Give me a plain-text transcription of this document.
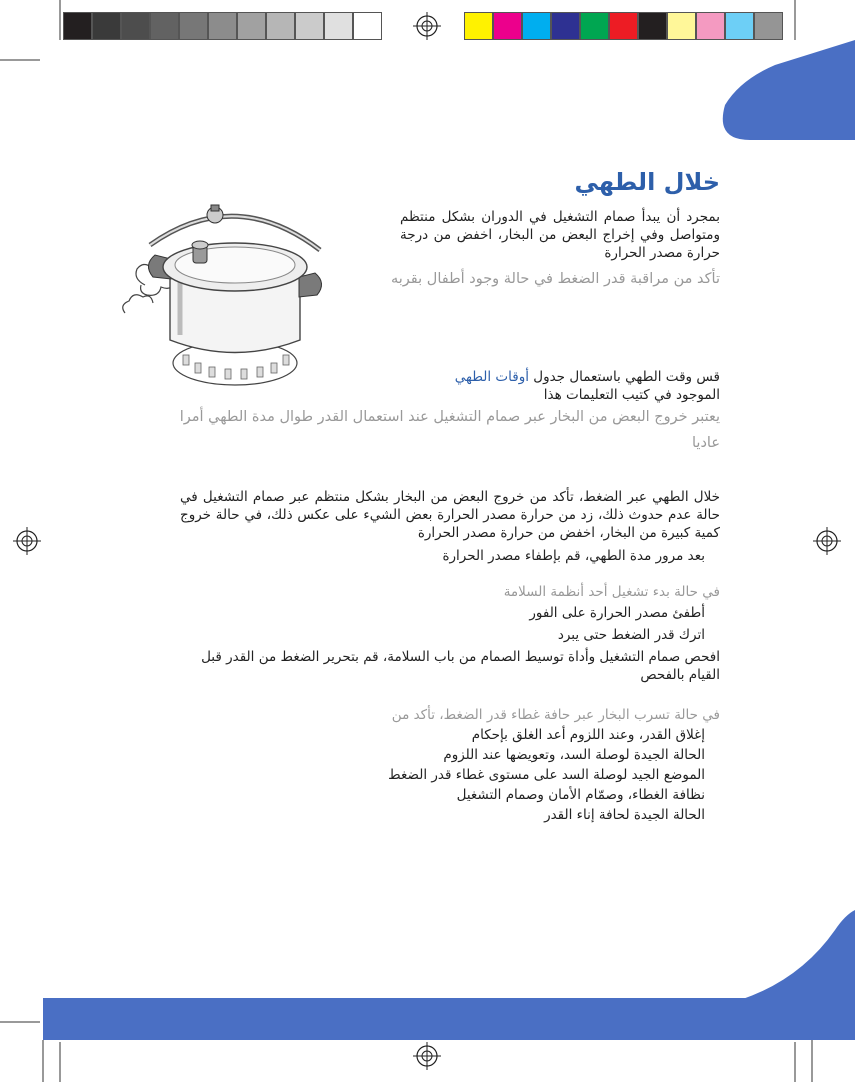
خلال الطهي
بمجرد أن يبدأ صمام التشغيل في الدوران بشكل منتظم ومتواصل وفي إخراج البعض من البخار، اخفض من درجة حرارة مصدر الحرارة
تأكد من مراقبة قدر الضغط في حالة وجود أطفال بقربه
قس وقت الطهي باستعمال جدول أوقات الطهي
الموجود في كتيب التعليمات هذا
يعتبر خروج البعض من البخار عبر صمام التشغيل عند استعمال القدر طوال مدة الطهي أمرا عاديا
خلال الطهي عبر الضغط، تأكد من خروج البعض من البخار بشكل منتظم عبر صمام التشغيل في حالة عدم حدوث ذلك، زد من حرارة مصدر الحرارة بعض الشيء على عكس ذلك، في حالة خروج كمية كبيرة من البخار، اخفض من حرارة مصدر الحرارة
بعد مرور مدة الطهي، قم بإطفاء مصدر الحرارة
في حالة بدء تشغيل أحد أنظمة السلامة
أطفئ مصدر الحرارة على الفور
اترك قدر الضغط حتى يبرد
افحص صمام التشغيل وأداة توسيط الصمام من باب السلامة، قم بتحرير الضغط من القدر قبل القيام بالفحص
في حالة تسرب البخار عبر حافة غطاء قدر الضغط، تأكد من
إغلاق القدر، وعند اللزوم أعد الغلق بإحكام
الحالة الجيدة لوصلة السد، وتعويضها عند اللزوم
الموضع الجيد لوصلة السد على مستوى غطاء قدر الضغط
نظافة الغطاء، وصمّام الأمان وصمام التشغيل
الحالة الجيدة لحافة إناء القدر
